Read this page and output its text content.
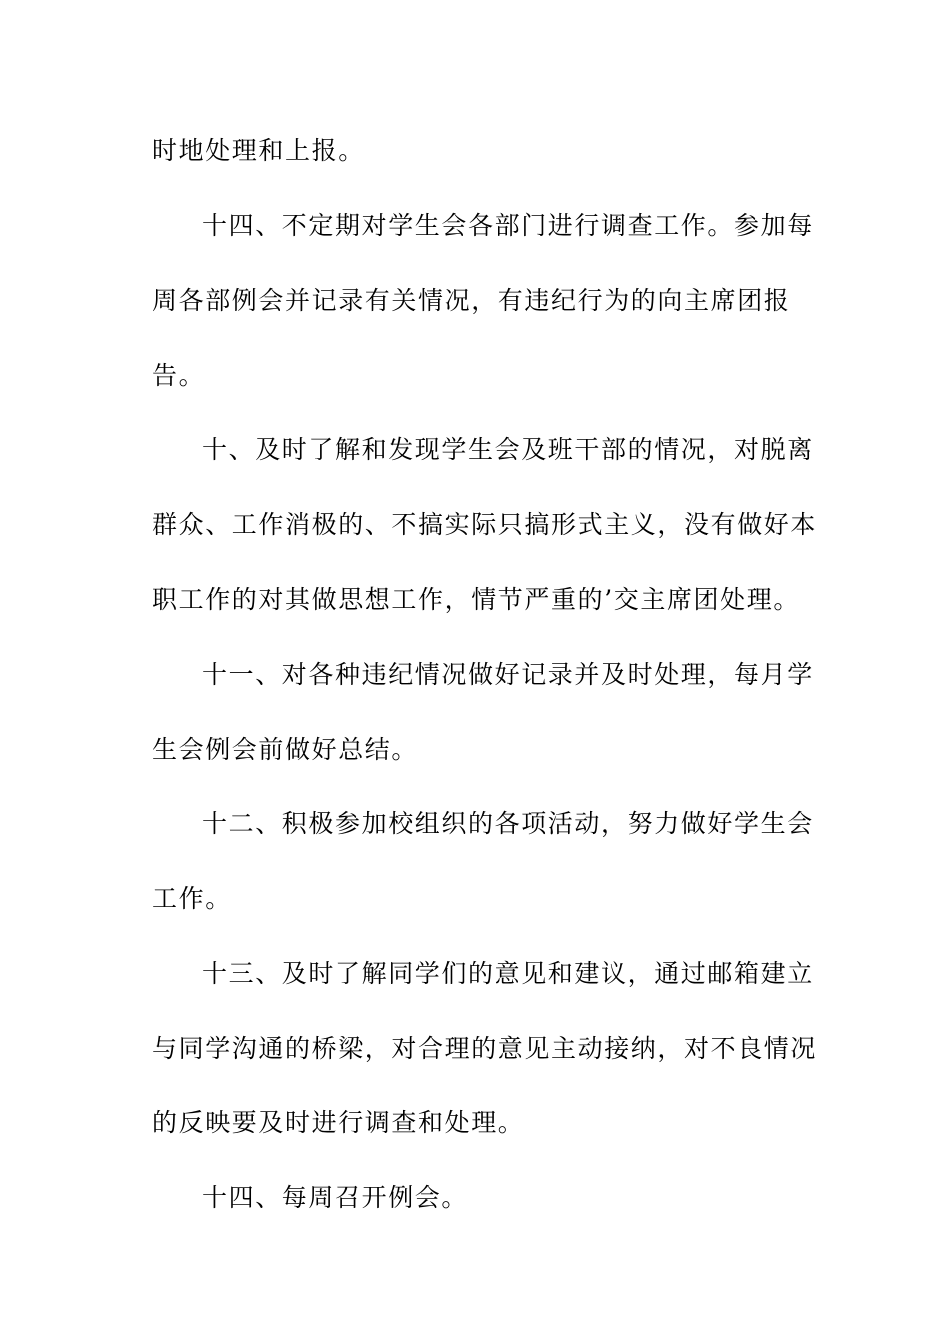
时地处理和上报。
十四、不定期对学生会各部门进行调查工作。参加每
周各部例会并记录有关情况，有违纪行为的向主席团报
告。
十、及时了解和发现学生会及班干部的情况，对脱离
群众、工作消极的、不搞实际只搞形式主义，没有做好本
职工作的对其做思想工作，情节严重的’交主席团处理。
十一、对各种违纪情况做好记录并及时处理，每月学
生会例会前做好总结。
十二、积极参加校组织的各项活动，努力做好学生会
工作。
十三、及时了解同学们的意见和建议，通过邮箱建立
与同学沟通的桥梁，对合理的意见主动接纳，对不良情况
的反映要及时进行调查和处理。
十四、每周召开例会。
